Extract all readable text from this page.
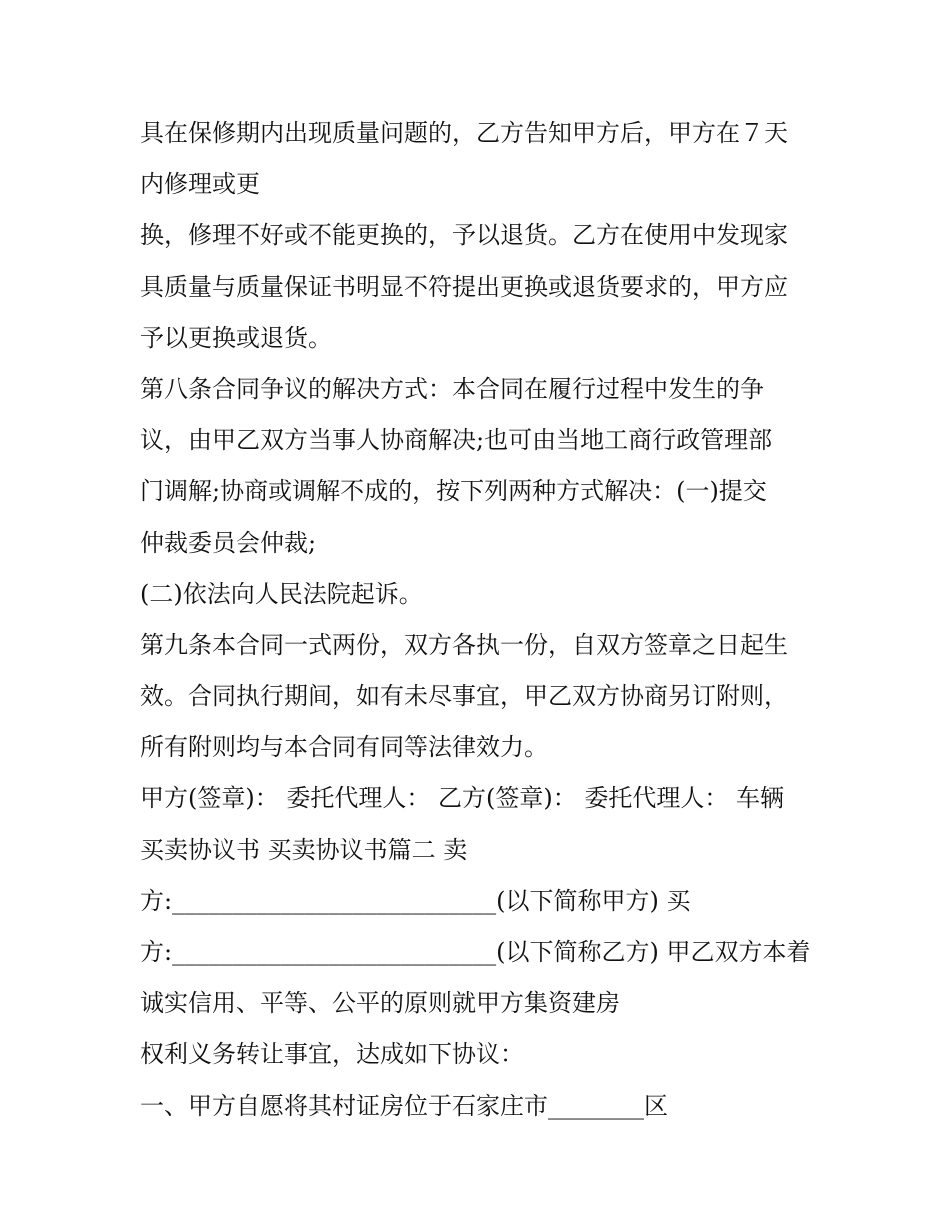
具在保修期内出现质量问题的，乙方告知甲方后，甲方在７天
内修理或更
换，修理不好或不能更换的，予以退货。乙方在使用中发现家
具质量与质量保证书明显不符提出更换或退货要求的，甲方应
予以更换或退货。
第八条合同争议的解决方式：本合同在履行过程中发生的争
议，由甲乙双方当事人协商解决;也可由当地工商行政管理部
门调解;协商或调解不成的，按下列两种方式解决：(一)提交
仲裁委员会仲裁;
(二)依法向人民法院起诉。
第九条本合同一式两份，双方各执一份，自双方签章之日起生
效。合同执行期间，如有未尽事宜，甲乙双方协商另订附则，
所有附则均与本合同有同等法律效力。
甲方(签章)： 委托代理人： 乙方(签章)： 委托代理人： 车辆
买卖协议书 买卖协议书篇二 卖
方:___________________________(以下简称甲方) 买
方:___________________________(以下简称乙方) 甲乙双方本着
诚实信用、平等、公平的原则就甲方集资建房
权利义务转让事宜，达成如下协议：
一、甲方自愿将其村证房位于石家庄市________区
